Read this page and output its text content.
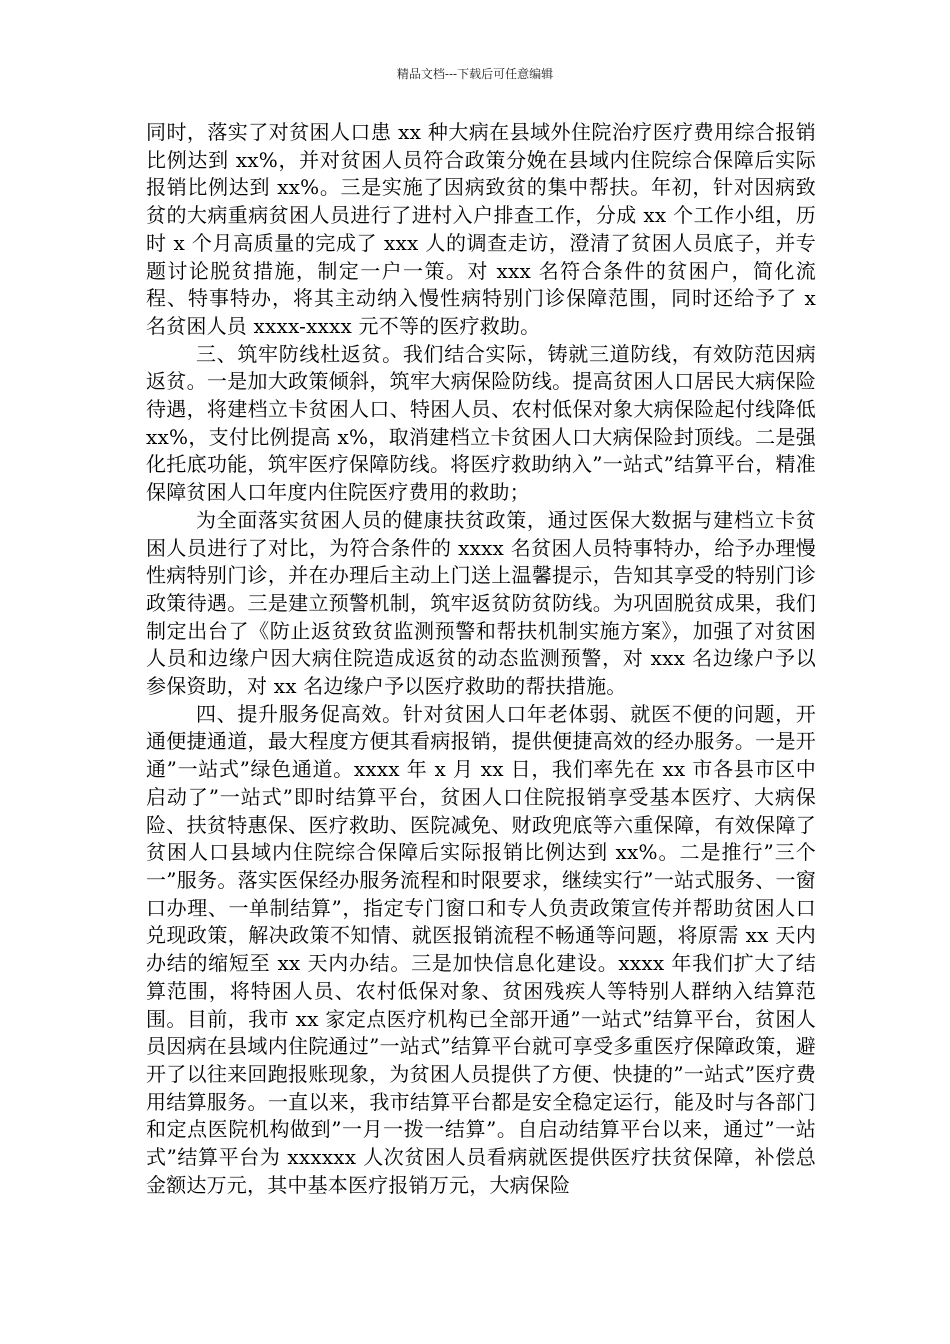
精品文档---下载后可任意编辑

同时，落实了对贫困人口患 xx 种大病在县域外住院治疗医疗费用综合报销比例达到 xx%，并对贫困人员符合政策分娩在县域内住院综合保障后实际报销比例达到 xx%。三是实施了因病致贫的集中帮扶。年初，针对因病致贫的大病重病贫困人员进行了进村入户排查工作，分成 xx 个工作小组，历时 x 个月高质量的完成了 xxx 人的调查走访，澄清了贫困人员底子，并专题讨论脱贫措施，制定一户一策。对 xxx 名符合条件的贫困户，简化流程、特事特办，将其主动纳入慢性病特别门诊保障范围，同时还给予了 x 名贫困人员 xxxx-xxxx 元不等的医疗救助。

三、筑牢防线杜返贫。我们结合实际，铸就三道防线，有效防范因病返贫。一是加大政策倾斜，筑牢大病保险防线。提高贫困人口居民大病保险待遇，将建档立卡贫困人口、特困人员、农村低保对象大病保险起付线降低 xx%，支付比例提高 x%，取消建档立卡贫困人口大病保险封顶线。二是强化托底功能，筑牢医疗保障防线。将医疗救助纳入”一站式”结算平台，精准保障贫困人口年度内住院医疗费用的救助；

为全面落实贫困人员的健康扶贫政策，通过医保大数据与建档立卡贫困人员进行了对比，为符合条件的 xxxx 名贫困人员特事特办，给予办理慢性病特别门诊，并在办理后主动上门送上温馨提示，告知其享受的特别门诊政策待遇。三是建立预警机制，筑牢返贫防贫防线。为巩固脱贫成果，我们制定出台了《防止返贫致贫监测预警和帮扶机制实施方案》，加强了对贫困人员和边缘户因大病住院造成返贫的动态监测预警，对 xxx 名边缘户予以参保资助，对 xx 名边缘户予以医疗救助的帮扶措施。

四、提升服务促高效。针对贫困人口年老体弱、就医不便的问题，开通便捷通道，最大程度方便其看病报销，提供便捷高效的经办服务。一是开通”一站式”绿色通道。xxxx 年 x 月 xx 日，我们率先在 xx 市各县市区中启动了”一站式”即时结算平台，贫困人口住院报销享受基本医疗、大病保险、扶贫特惠保、医疗救助、医院减免、财政兜底等六重保障，有效保障了贫困人口县域内住院综合保障后实际报销比例达到 xx%。二是推行”三个一”服务。落实医保经办服务流程和时限要求，继续实行”一站式服务、一窗口办理、一单制结算”，指定专门窗口和专人负责政策宣传并帮助贫困人口兑现政策，解决政策不知情、就医报销流程不畅通等问题，将原需 xx 天内办结的缩短至 xx 天内办结。三是加快信息化建设。xxxx 年我们扩大了结算范围，将特困人员、农村低保对象、贫困残疾人等特别人群纳入结算范围。目前，我市 xx 家定点医疗机构已全部开通”一站式”结算平台，贫困人员因病在县域内住院通过”一站式”结算平台就可享受多重医疗保障政策，避开了以往来回跑报账现象，为贫困人员提供了方便、快捷的”一站式”医疗费用结算服务。一直以来，我市结算平台都是安全稳定运行，能及时与各部门和定点医院机构做到”一月一拨一结算”。自启动结算平台以来，通过”一站式”结算平台为 xxxxxx 人次贫困人员看病就医提供医疗扶贫保障，补偿总金额达万元，其中基本医疗报销万元，大病保险
